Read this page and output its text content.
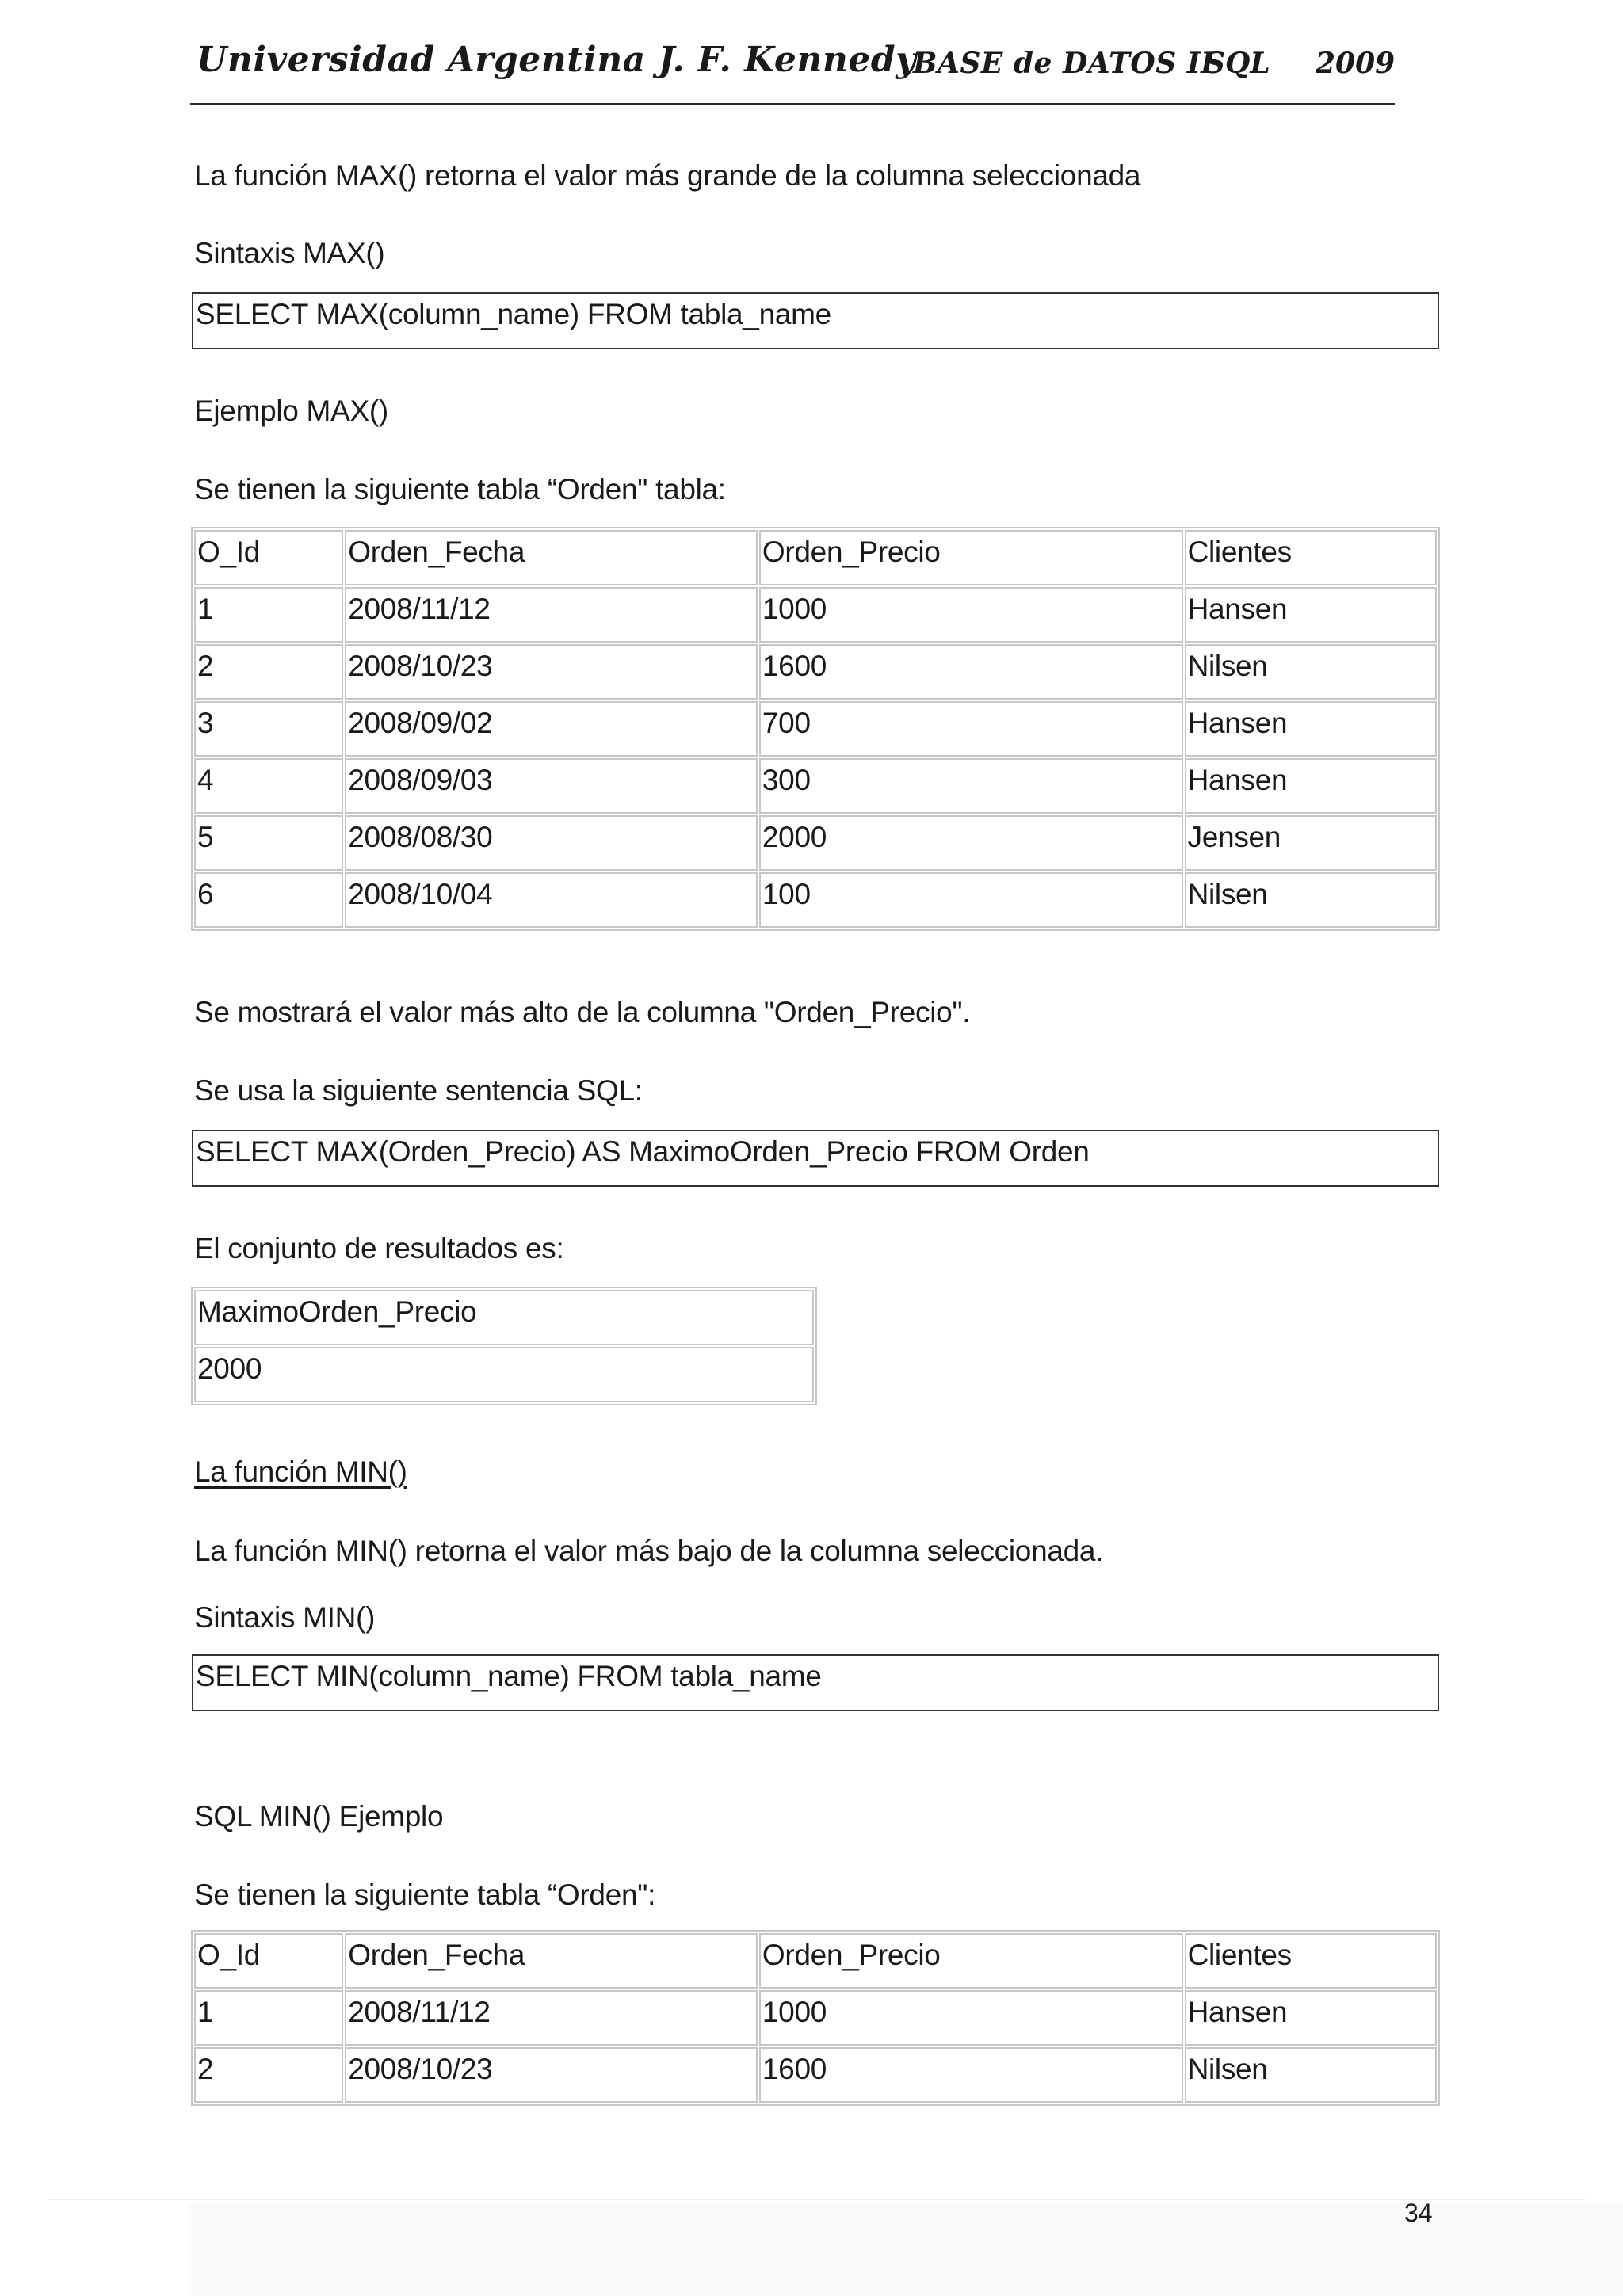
Universidad Argentina J. F. Kennedy
BASE de DATOS II
SQL 2009
La función MAX() retorna el valor más grande de la columna seleccionada
Sintaxis MAX()
SELECT MAX(column_name) FROM tabla_name
Ejemplo MAX()
Se tienen la siguiente tabla “Orden" tabla:
O_Id	Orden_Fecha	Orden_Precio	Clientes
1	2008/11/12	1000	Hansen
2	2008/10/23	1600	Nilsen
3	2008/09/02	700	Hansen
4	2008/09/03	300	Hansen
5	2008/08/30	2000	Jensen
6	2008/10/04	100	Nilsen
Se mostrará el valor más alto de la columna "Orden_Precio".
Se usa la siguiente sentencia SQL:
SELECT MAX(Orden_Precio) AS MaximoOrden_Precio FROM Orden
El conjunto de resultados es:
MaximoOrden_Precio
2000
La función MIN()
La función MIN() retorna el valor más bajo de la columna seleccionada.
Sintaxis MIN()
SELECT MIN(column_name) FROM tabla_name
SQL MIN() Ejemplo
Se tienen la siguiente tabla “Orden":
O_Id	Orden_Fecha	Orden_Precio	Clientes
1	2008/11/12	1000	Hansen
2	2008/10/23	1600	Nilsen
34
